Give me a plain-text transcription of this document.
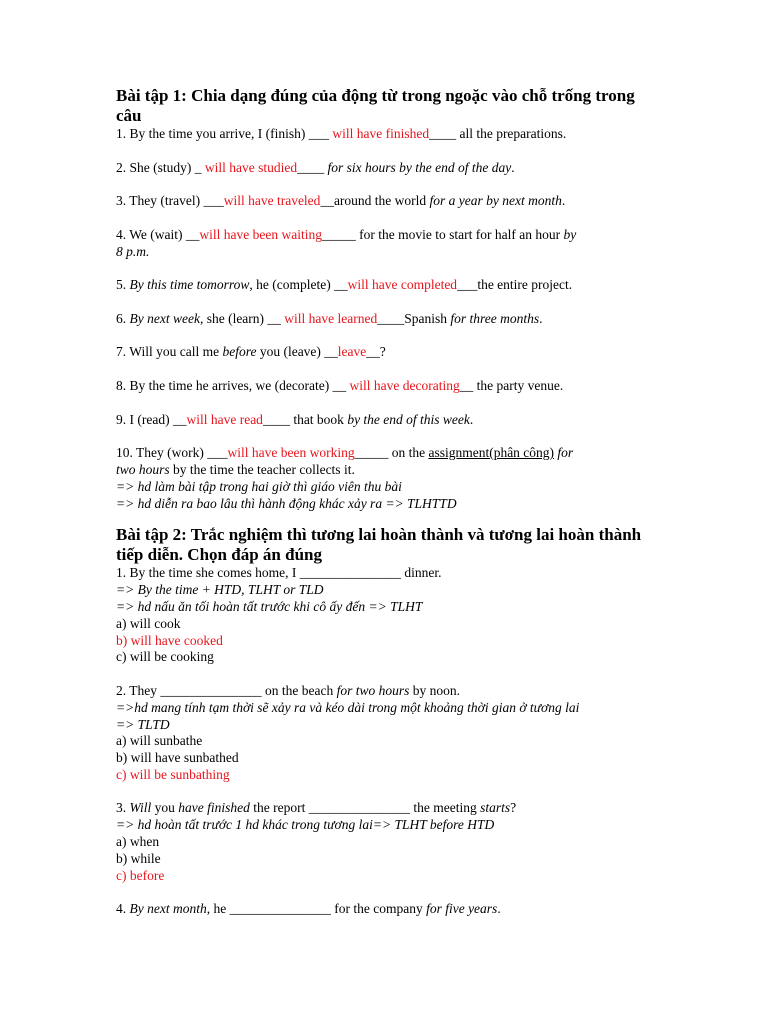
Bài tập 1: Chia dạng đúng của động từ trong ngoặc vào chỗ trống trong câu

1. By the time you arrive, I (finish) ___ will have finished____ all the preparations.

2. She (study) _ will have studied____ for six hours by the end of the day.

3. They (travel) ___will have traveled__around the world for a year by next month.

4. We (wait) __will have been waiting_____ for the movie to start for half an hour by

8 p.m.

5. By this time tomorrow, he (complete) __will have completed___the entire project.

6. By next week, she (learn) __ will have learned____Spanish for three months.

7. Will you call me before you (leave) __leave__?

8. By the time he arrives, we (decorate) __ will have decorating__ the party venue.

9. I (read) __will have read____ that book by the end of this week.

10. They (work) ___will have been working_____ on the assignment(phân công) for

two hours by the time the teacher collects it.

=> hd làm bài tập trong hai giờ thì giáo viên thu bài

=> hd diễn ra bao lâu thì hành động khác xảy ra => TLHTTD

Bài tập 2: Trắc nghiệm thì tương lai hoàn thành và tương lai hoàn thành tiếp diễn. Chọn đáp án đúng

1. By the time she comes home, I _______________ dinner.

=> By the time + HTD, TLHT or TLD

=> hd nấu ăn tối hoàn tất trước khi cô ấy đến => TLHT

a) will cook

b) will have cooked

c) will be cooking

2. They _______________ on the beach for two hours by noon.

=>hd mang tính tạm thời sẽ xảy ra và kéo dài trong một khoảng thời gian ở tương lai

=> TLTD

a) will sunbathe

b) will have sunbathed

c) will be sunbathing

3. Will you have finished the report _______________ the meeting starts?

=> hd hoàn tất trước 1 hd khác trong tương lai=> TLHT before HTD

a) when

b) while

c) before

4. By next month, he _______________ for the company for five years.
